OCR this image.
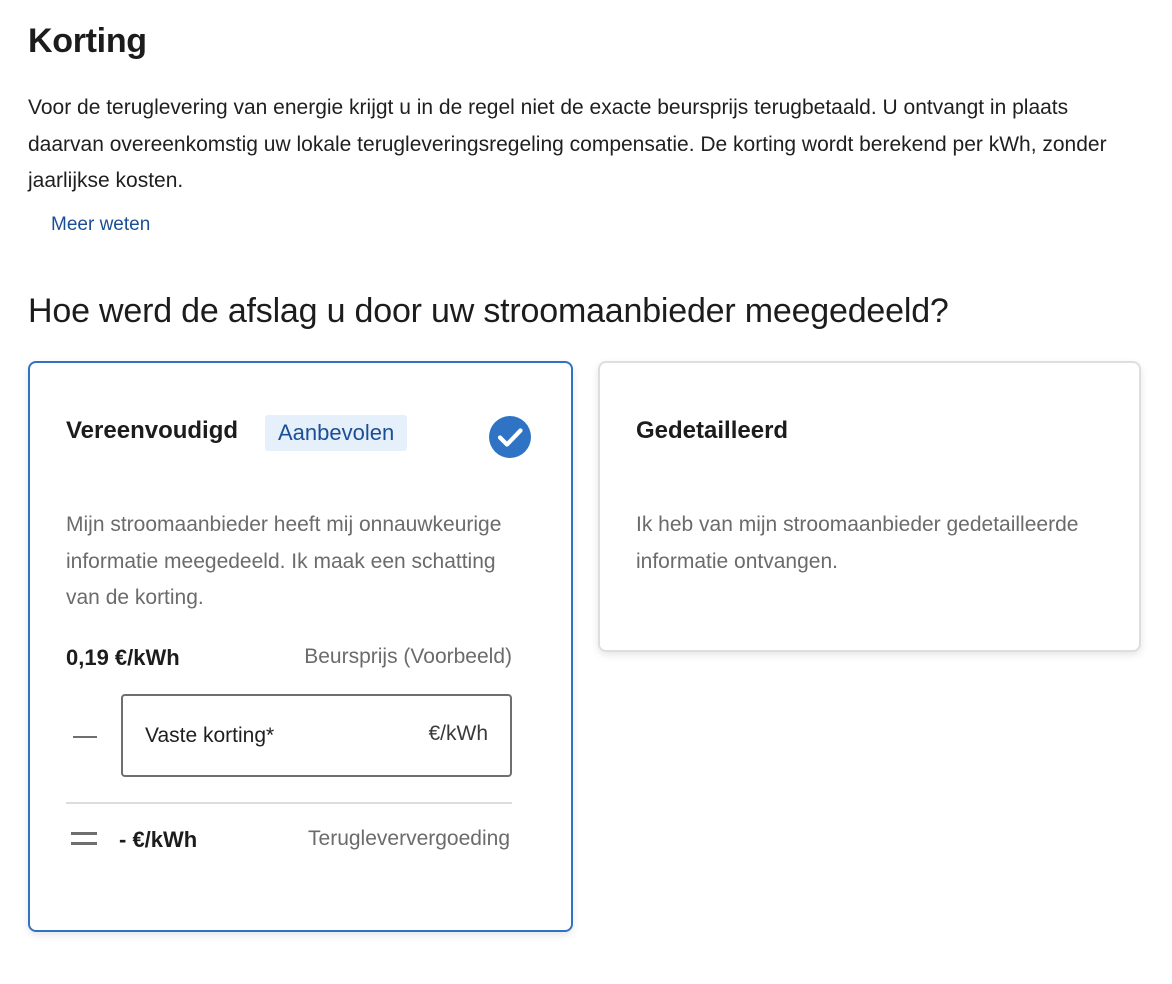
Korting

Voor de teruglevering van energie krijgt u in de regel niet de exacte beursprijs terugbetaald. U ontvangt in plaats daarvan overeenkomstig uw lokale terugleveringsregeling compensatie. De korting wordt berekend per kWh, zonder jaarlijkse kosten.

Meer weten
Hoe werd de afslag u door uw stroomaanbieder meegedeeld?
Vereenvoudigd	Aanbevolen

Mijn stroomaanbieder heeft mij onnauwkeurige informatie meegedeeld. Ik maak een schatting van de korting.

0,19 €/kWh	Beursprijs (Voorbeeld)
Vaste korting*	€/kWh
- €/kWh	Terugleververgoeding
Gedetailleerd

Ik heb van mijn stroomaanbieder gedetailleerde informatie ontvangen.
